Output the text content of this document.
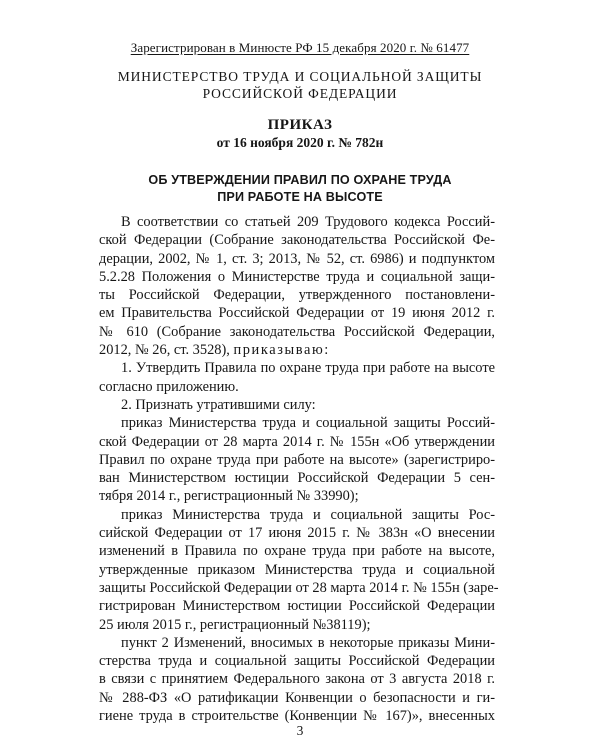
Зарегистрирован в Минюсте РФ 15 декабря 2020 г. № 61477
МИНИСТЕРСТВО ТРУДА И СОЦИАЛЬНОЙ ЗАЩИТЫ
РОССИЙСКОЙ ФЕДЕРАЦИИ
ПРИКАЗ
от 16 ноября 2020 г. № 782н
ОБ УТВЕРЖДЕНИИ ПРАВИЛ ПО ОХРАНЕ ТРУДА
ПРИ РАБОТЕ НА ВЫСОТЕ
В соответствии со статьей 209 Трудового кодекса Россий-
ской Федерации (Собрание законодательства Российской Фе-
дерации, 2002, № 1, ст. 3; 2013, № 52, ст. 6986) и подпунктом
5.2.28 Положения о Министерстве труда и социальной защи-
ты Российской Федерации, утвержденного постановлени-
ем Правительства Российской Федерации от 19 июня 2012 г.
№ 610 (Собрание законодательства Российской Федерации,
2012, № 26, ст. 3528), приказываю:
1. Утвердить Правила по охране труда при работе на высоте
согласно приложению.
2. Признать утратившими силу:
приказ Министерства труда и социальной защиты Россий-
ской Федерации от 28 марта 2014 г. № 155н «Об утверждении
Правил по охране труда при работе на высоте» (зарегистриро-
ван Министерством юстиции Российской Федерации 5 сен-
тября 2014 г., регистрационный № 33990);
приказ Министерства труда и социальной защиты Рос-
сийской Федерации от 17 июня 2015 г. № 383н «О внесении
изменений в Правила по охране труда при работе на высоте,
утвержденные приказом Министерства труда и социальной
защиты Российской Федерации от 28 марта 2014 г. № 155н (заре-
гистрирован Министерством юстиции Российской Федерации
25 июля 2015 г., регистрационный №38119);
пункт 2 Изменений, вносимых в некоторые приказы Мини-
стерства труда и социальной защиты Российской Федерации
в связи с принятием Федерального закона от 3 августа 2018 г.
№ 288-ФЗ «О ратификации Конвенции о безопасности и ги-
гиене труда в строительстве (Конвенции № 167)», внесенных
3
